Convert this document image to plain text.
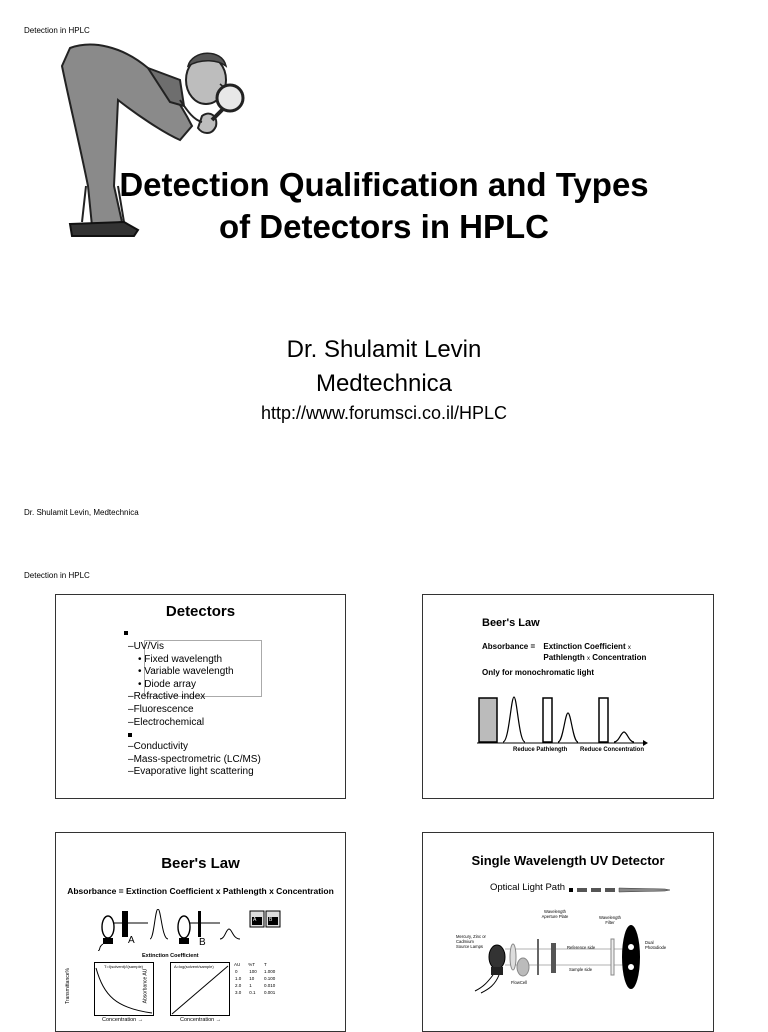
Detection in HPLC
Detection Qualification and Types
of Detectors in HPLC
Dr. Shulamit Levin
Medtechnica
http://www.forumsci.co.il/HPLC
Dr. Shulamit Levin, Medtechnica
Detection in HPLC
Detectors
–UV/Vis
• Fixed wavelength
• Variable wavelength
• Diode array
–Refractive index
–Fluorescence
–Electrochemical
–Conductivity
–Mass-spectrometric (LC/MS)
–Evaporative light scattering
Beer's Law
Absorbance = Extinction Coefficient x
Pathlength x Concentration
Only for monochromatic light
Reduce Pathlength Reduce Concentration
Beer's Law
Absorbance = Extinction Coefficient x Pathlength x Concentration
A	B
A	B
Extinction Coefficient
T=I(solvent)/I(sample)
Transmittance%
Concentration →
A=log(solvent/sample)
Absorbance AU
Concentration →
AU	%T	T
0	100	1.000
1.0	10	0.100
2.0	1	0.010
3.0	0.1	0.001
Single Wavelength UV Detector
Optical Light Path
Mercury, Zinc or Cadmium Source Lamps
Wavelength Aperture Plate	Wavelength Filter
Dual Photodiode
Reference side
Sample side
FlowCell
